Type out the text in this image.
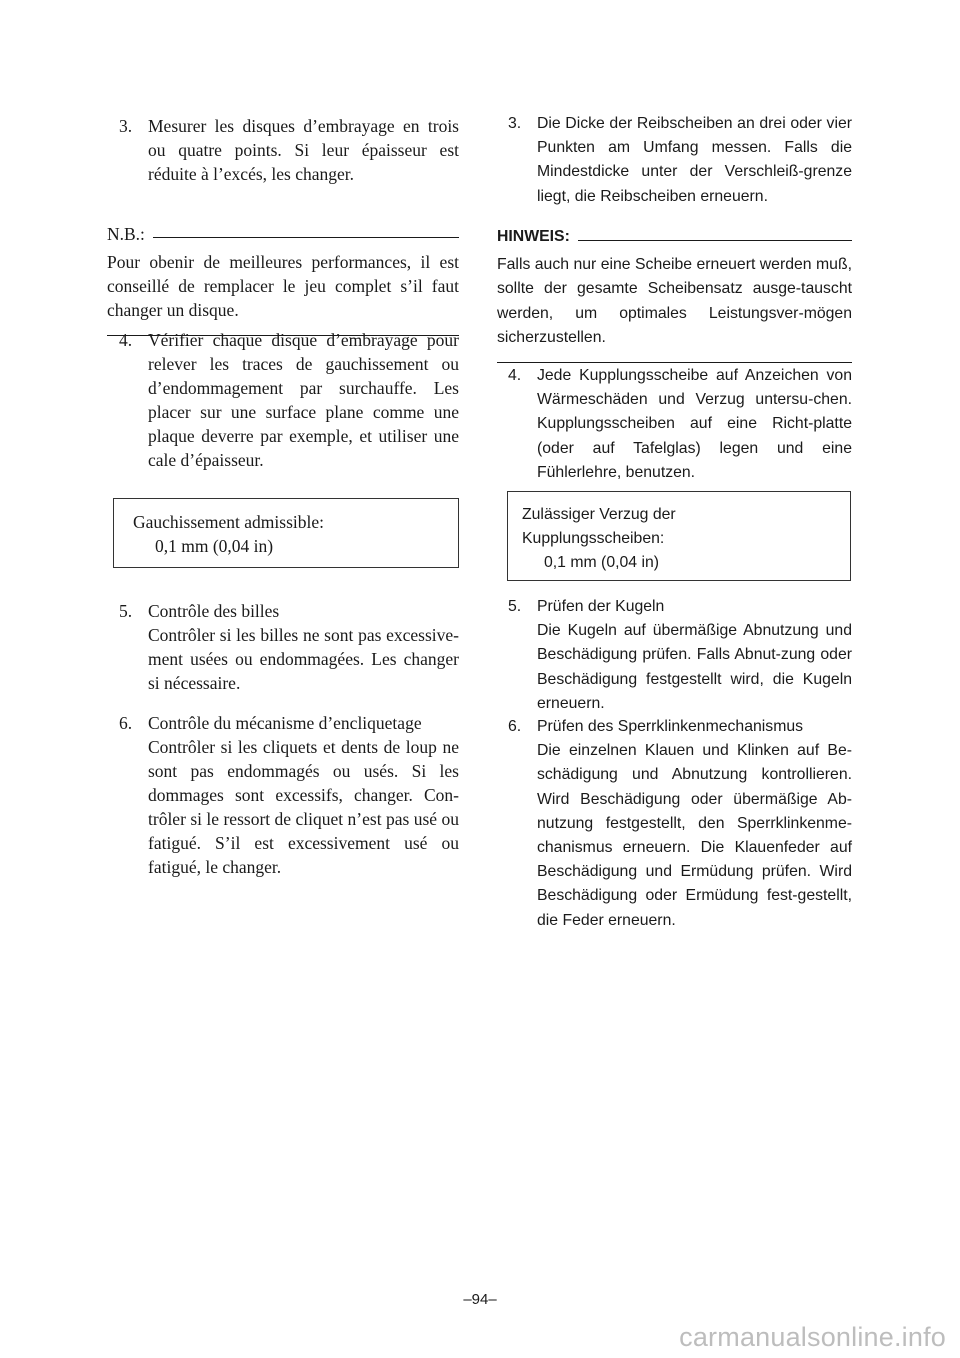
3. Mesurer les disques d’embrayage en trois ou quatre points. Si leur épaisseur est réduite à l’excés, les changer.
N.B.:
Pour obenir de meilleures performances, il est conseillé de remplacer le jeu complet s’il faut changer un disque.
4. Vérifier chaque disque d’embrayage pour relever les traces de gauchissement ou d’endommagement par surchauffe. Les placer sur une surface plane comme une plaque deverre par exemple, et utiliser une cale d’épaisseur.
Gauchissement admissible:
0,1 mm (0,04 in)
5. Contrôle des billes
Contrôler si les billes ne sont pas excessive-ment usées ou endommagées. Les changer si nécessaire.
6. Contrôle du mécanisme d’encliquetage
Contrôler si les cliquets et dents de loup ne sont pas endommagés ou usés. Si les dommages sont excessifs, changer. Con-trôler si le ressort de cliquet n’est pas usé ou fatigué. S’il est excessivement usé ou fatigué, le changer.
3.	Die Dicke der Reibscheiben an drei oder vier Punkten am Umfang messen. Falls die Mindestdicke unter der Verschleiß-grenze liegt, die Reibscheiben erneuern.
HINWEIS:
Falls auch nur eine Scheibe erneuert werden muß, sollte der gesamte Scheibensatz ausge-tauscht werden, um optimales Leistungsver-mögen sicherzustellen.
4.	Jede Kupplungsscheibe auf Anzeichen von Wärmeschäden und Verzug untersu-chen. Kupplungsscheiben auf eine Richt-platte (oder auf Tafelglas) legen und eine Fühlerlehre, benutzen.
Zulässiger Verzug der
Kupplungsscheiben:
0,1 mm (0,04 in)
5.	Prüfen der Kugeln
Die Kugeln auf übermäßige Abnutzung und Beschädigung prüfen. Falls Abnut-zung oder Beschädigung festgestellt wird, die Kugeln erneuern.
6.	Prüfen des Sperrklinkenmechanismus
Die einzelnen Klauen und Klinken auf Be-schädigung und Abnutzung kontrollieren. Wird Beschädigung oder übermäßige Ab-nutzung festgestellt, den Sperrklinkenme-chanismus erneuern. Die Klauenfeder auf Beschädigung und Ermüdung prüfen. Wird Beschädigung oder Ermüdung fest-gestellt, die Feder erneuern.
–94–
carmanualsonline.info
